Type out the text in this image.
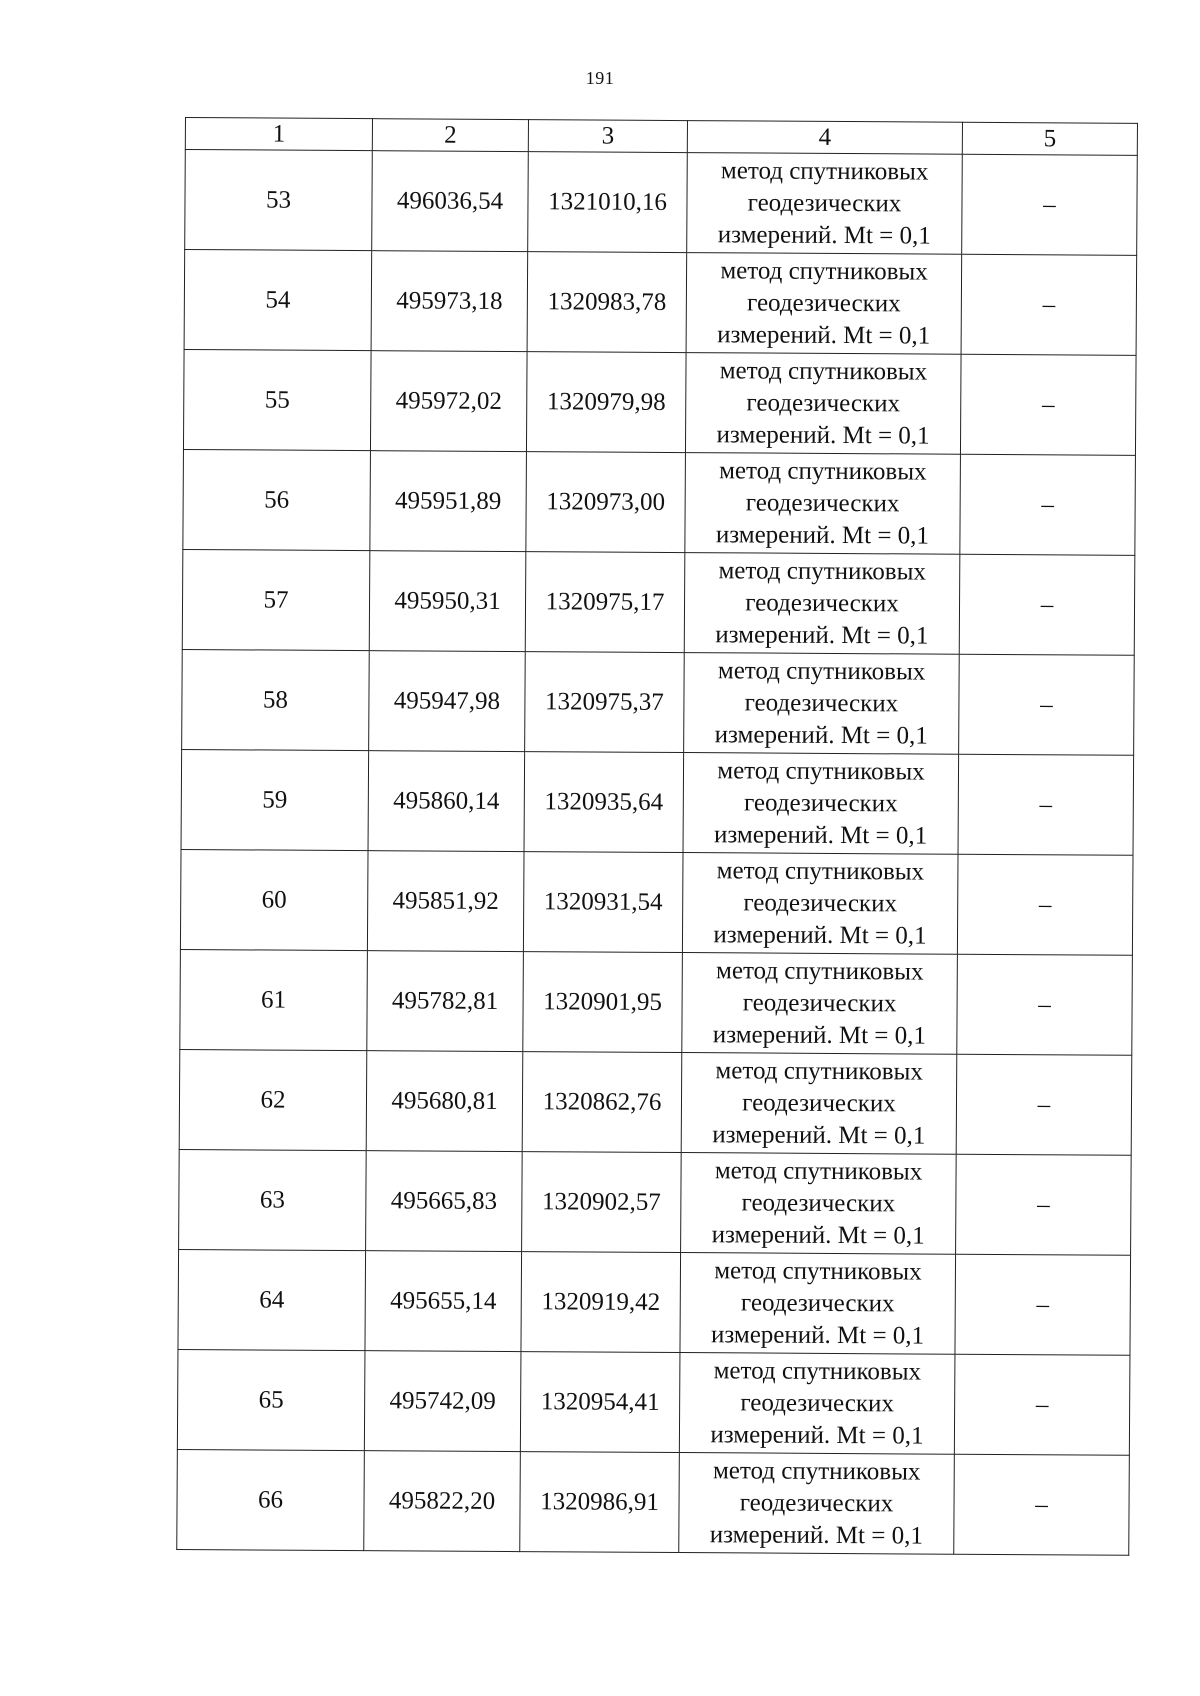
191
1	2	3	4	5
53	496036,54	1321010,16	метод спутниковых
геодезических
измерений. Mt = 0,1	–
54	495973,18	1320983,78	метод спутниковых
геодезических
измерений. Mt = 0,1	–
55	495972,02	1320979,98	метод спутниковых
геодезических
измерений. Mt = 0,1	–
56	495951,89	1320973,00	метод спутниковых
геодезических
измерений. Mt = 0,1	–
57	495950,31	1320975,17	метод спутниковых
геодезических
измерений. Mt = 0,1	–
58	495947,98	1320975,37	метод спутниковых
геодезических
измерений. Mt = 0,1	–
59	495860,14	1320935,64	метод спутниковых
геодезических
измерений. Mt = 0,1	–
60	495851,92	1320931,54	метод спутниковых
геодезических
измерений. Mt = 0,1	–
61	495782,81	1320901,95	метод спутниковых
геодезических
измерений. Mt = 0,1	–
62	495680,81	1320862,76	метод спутниковых
геодезических
измерений. Mt = 0,1	–
63	495665,83	1320902,57	метод спутниковых
геодезических
измерений. Mt = 0,1	–
64	495655,14	1320919,42	метод спутниковых
геодезических
измерений. Mt = 0,1	–
65	495742,09	1320954,41	метод спутниковых
геодезических
измерений. Mt = 0,1	–
66	495822,20	1320986,91	метод спутниковых
геодезических
измерений. Mt = 0,1	–
